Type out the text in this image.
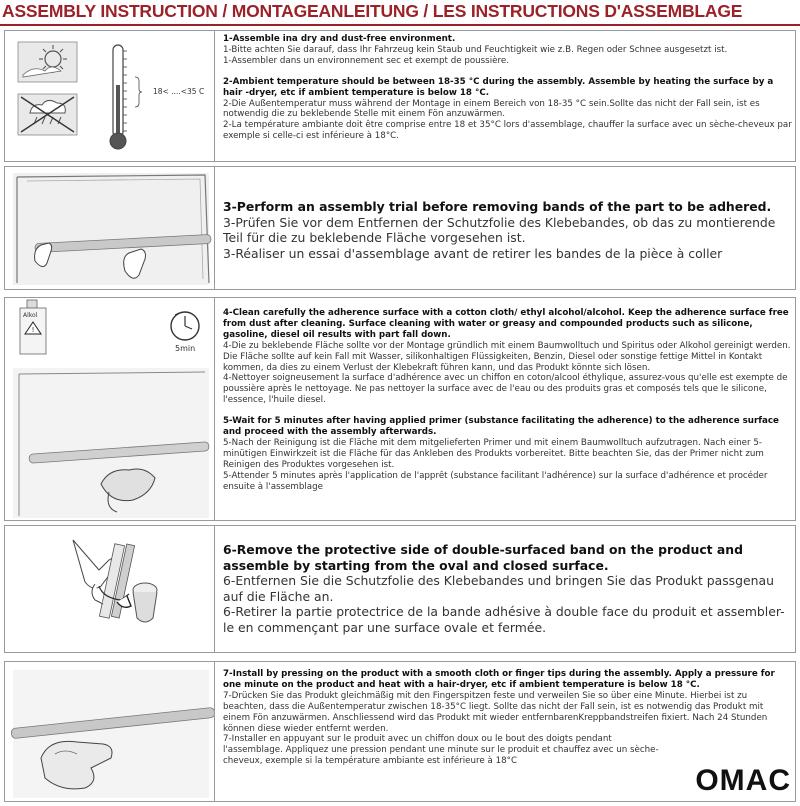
ASSEMBLY INSTRUCTION / MONTAGEANLEITUNG / LES INSTRUCTIONS D'ASSEMBLAGE
18< ....<35 C
1-Assemble ina dry and dust-free environment.
1-Bitte achten Sie darauf, dass Ihr Fahrzeug kein Staub und Feuchtigkeit wie z.B. Regen oder Schnee ausgesetzt ist.
1-Assembler dans un environnement sec et exempt de poussière.
2-Ambient temperature should be between 18-35 °C during the assembly. Assemble by heating the surface by a hair -dryer, etc if ambient temperature is below 18 °C.
2-Die Außentemperatur muss während der Montage in einem Bereich von 18-35 °C sein.Sollte das nicht der Fall sein, ist es notwendig die zu beklebende Stelle mit einem Fön anzuwärmen.
2-La température ambiante doit être comprise entre 18 et 35°C lors d'assemblage, chauffer la surface avec un sèche-cheveux par exemple si celle-ci est inférieure à 18°C.
3-Perform an assembly trial before removing bands of the part to be adhered.
3-Prüfen Sie vor dem Entfernen der Schutzfolie des Klebebandes, ob das zu montierende Teil für die zu beklebende Fläche vorgesehen ist.
3-Réaliser un essai d'assemblage avant de retirer les bandes de la pièce à coller
!
Alkol
5min
4-Clean carefully the adherence surface with a cotton cloth/ ethyl alcohol/alcohol. Keep the adherence surface free from dust after cleaning. Surface cleaning with water or greasy and compounded products such as silicone, gasoline, diesel oil results with part fall down.
4-Die zu beklebende Fläche sollte vor der Montage gründlich mit einem Baumwolltuch und Spiritus oder Alkohol gereinigt werden. Die Fläche sollte auf kein Fall mit Wasser, silikonhaltigen Flüssigkeiten, Benzin, Diesel oder sonstige fettige Mittel in Kontakt kommen, da dies zu einem Verlust der Klebekraft führen kann, und das Produkt könnte sich lösen.
4-Nettoyer soigneusement la surface d'adhérence avec un chiffon en coton/alcool éthylique, assurez-vous qu'elle est exempte de poussière après le nettoyage. Ne pas nettoyer la surface avec de l'eau ou des produits gras et composés tels que le silicone, l'essence, l'huile diesel.
5-Wait for 5 minutes after having applied primer (substance facilitating the adherence) to the adherence surface and proceed with the assembly afterwards.
5-Nach der Reinigung ist die Fläche mit dem mitgelieferten Primer und mit einem Baumwolltuch aufzutragen. Nach einer 5-minütigen Einwirkzeit ist die Fläche für das Ankleben des Produkts vorbereitet. Bitte beachten Sie, das der Primer nicht zum Reinigen des Produktes vorgesehen ist.
5-Attender 5 minutes après l'application de l'apprêt (substance facilitant l'adhérence) sur la surface d'adhérence et procéder ensuite à l'assemblage
6-Remove the protective side of double-surfaced band on the product and assemble by starting from the oval and closed surface.
6-Entfernen Sie die Schutzfolie des Klebebandes und bringen Sie das Produkt passgenau auf die Fläche an.
6-Retirer la partie protectrice de la bande adhésive à double face du produit et assembler-le en commençant par une surface ovale et fermée.
7-Install by pressing on the product with a smooth cloth or finger tips during the assembly. Apply a pressure for one minute on the product and heat with a hair-dryer, etc if ambient temperature is below 18 °C.
7-Drücken Sie das Produkt gleichmäßig mit den Fingerspitzen feste und verweilen Sie so über eine Minute. Hierbei ist zu beachten, dass die Außentemperatur zwischen 18-35°C liegt. Sollte das nicht der Fall sein, ist es notwendig das Produkt mit einem Fön anzuwärmen. Anschliessend wird das Produkt mit wieder entfernbarenKreppbandstreifen fixiert. Nach 24 Stunden können diese wieder entfernt werden.
7-Installer en appuyant sur le produit avec un chiffon doux ou le bout des doigts pendant l'assemblage. Appliquez une pression pendant une minute sur le produit et chauffez avec un sèche-cheveux, exemple si la température ambiante est inférieure à 18°C
OMAC
